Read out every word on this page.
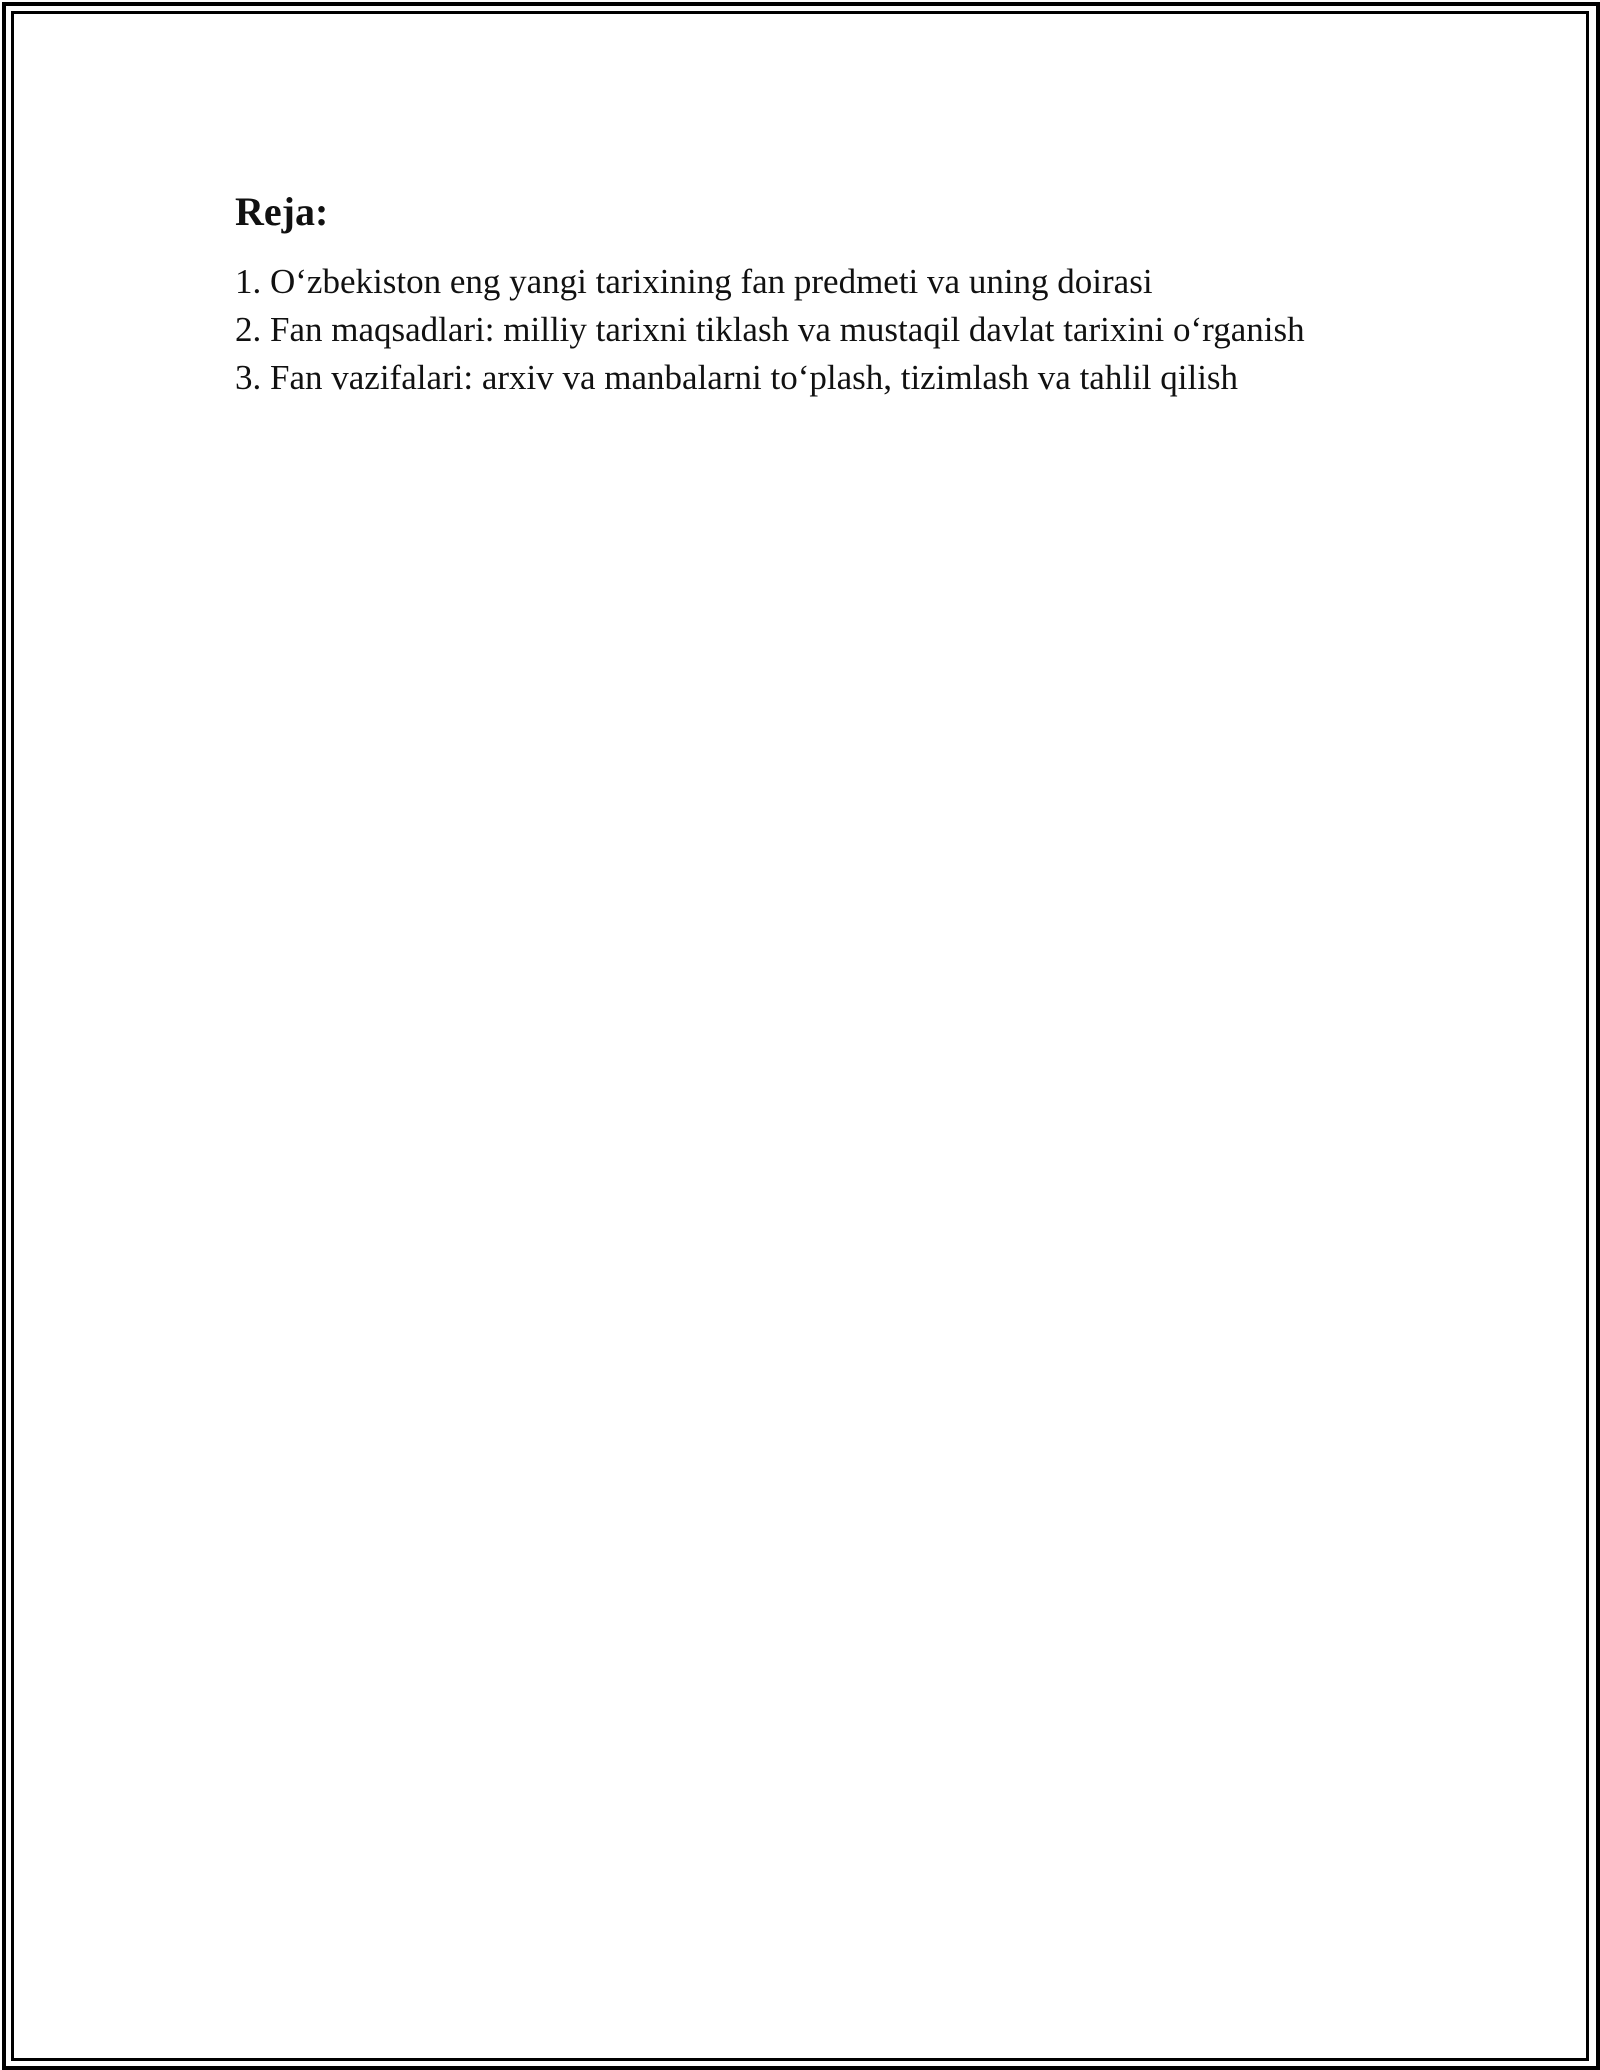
Reja:
1. O‘zbekiston eng yangi tarixining fan predmeti va uning doirasi
2. Fan maqsadlari: milliy tarixni tiklash va mustaqil davlat tarixini o‘rganish
3. Fan vazifalari: arxiv va manbalarni to‘plash, tizimlash va tahlil qilish
